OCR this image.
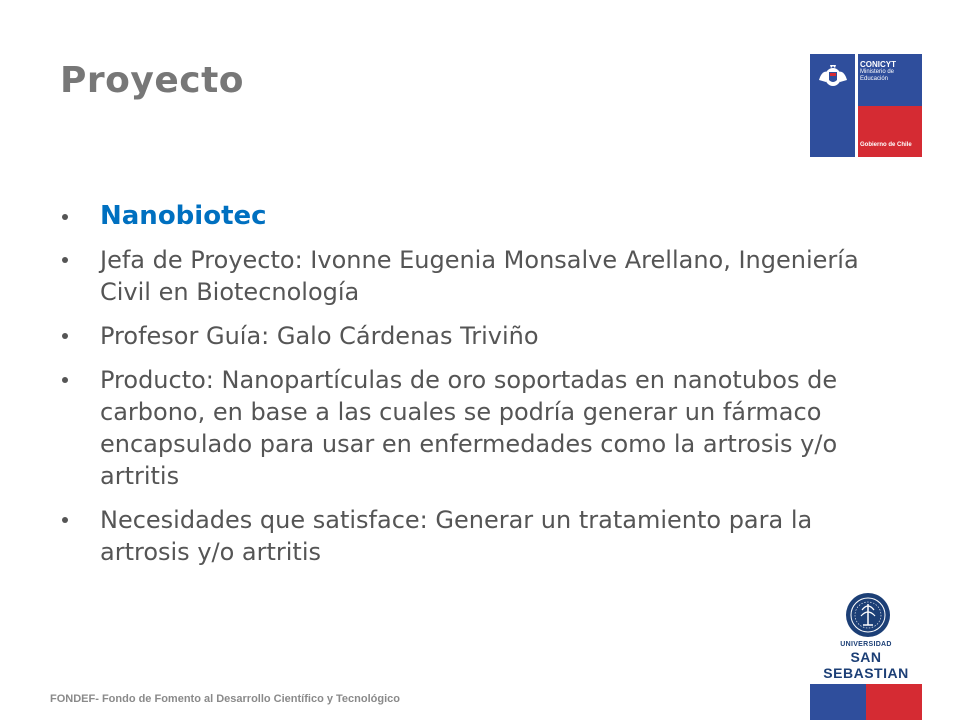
Proyecto	CONICYT
Ministerio de
Educación
Gobierno de Chile
Nanobiotec
Jefa de Proyecto: Ivonne Eugenia Monsalve Arellano, Ingeniería Civil en Biotecnología
Profesor Guía: Galo Cárdenas Triviño
Producto: Nanopartículas de oro soportadas en nanotubos de carbono, en base a las cuales se podría generar un fármaco encapsulado para usar en enfermedades como la artrosis y/o artritis
Necesidades que satisface: Generar un tratamiento para la artrosis y/o artritis
UNIVERSIDAD
SAN SEBASTIAN
FONDEF- Fondo de Fomento al Desarrollo Científico y Tecnológico
